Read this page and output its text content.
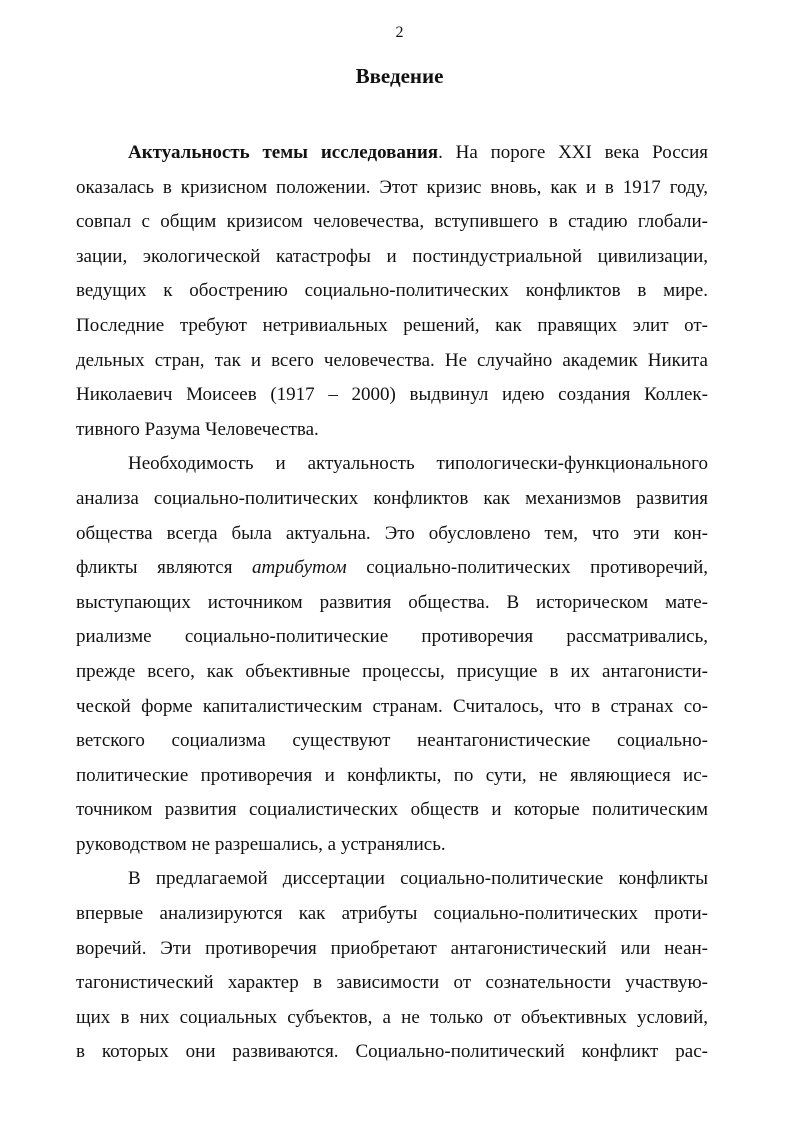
2
Введение
Актуальность темы исследования. На пороге XXI века Россия
оказалась в кризисном положении. Этот кризис вновь, как и в 1917 году,
совпал с общим кризисом человечества, вступившего в стадию глобали-
зации, экологической катастрофы и постиндустриальной цивилизации,
ведущих к обострению социально-политических конфликтов в мире.
Последние требуют нетривиальных решений, как правящих элит от-
дельных стран, так и всего человечества. Не случайно академик Никита
Николаевич Моисеев (1917 – 2000) выдвинул идею создания Коллек-
тивного Разума Человечества.
Необходимость и актуальность типологически-функционального
анализа социально-политических конфликтов как механизмов развития
общества всегда была актуальна. Это обусловлено тем, что эти кон-
фликты являются атрибутом социально-политических противоречий,
выступающих источником развития общества. В историческом мате-
риализме социально-политические противоречия рассматривались,
прежде всего, как объективные процессы, присущие в их антагонисти-
ческой форме капиталистическим странам. Считалось, что в странах со-
ветского социализма существуют неантагонистические социально-
политические противоречия и конфликты, по сути, не являющиеся ис-
точником развития социалистических обществ и которые политическим
руководством не разрешались, а устранялись.
В предлагаемой диссертации социально-политические конфликты
впервые анализируются как атрибуты социально-политических проти-
воречий. Эти противоречия приобретают антагонистический или неан-
тагонистический характер в зависимости от сознательности участвую-
щих в них социальных субъектов, а не только от объективных условий,
в которых они развиваются. Социально-политический конфликт рас-
